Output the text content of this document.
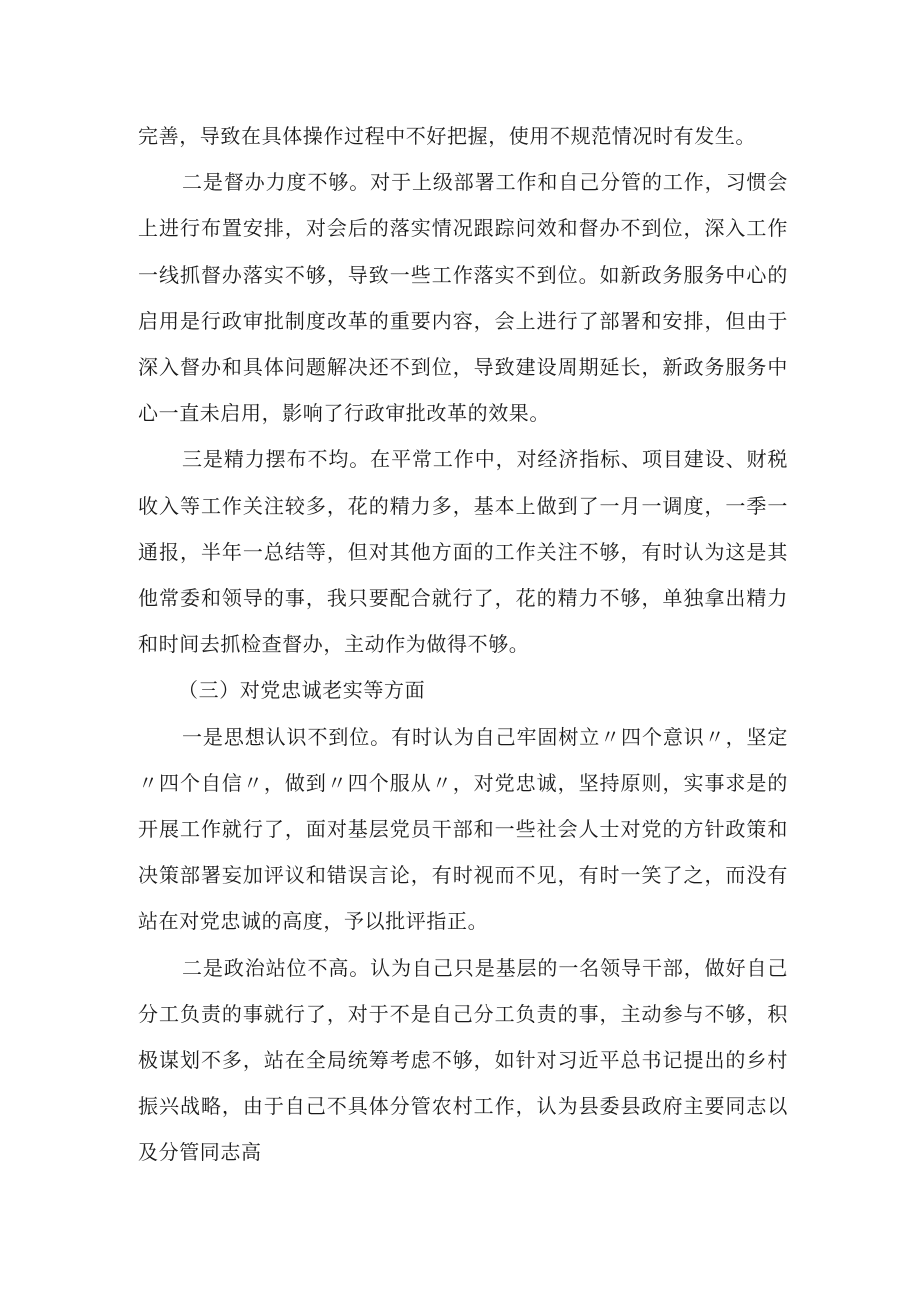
完善，导致在具体操作过程中不好把握，使用不规范情况时有发生。

二是督办力度不够。对于上级部署工作和自己分管的工作，习惯会上进行布置安排，对会后的落实情况跟踪问效和督办不到位，深入工作一线抓督办落实不够，导致一些工作落实不到位。如新政务服务中心的启用是行政审批制度改革的重要内容，会上进行了部署和安排，但由于深入督办和具体问题解决还不到位，导致建设周期延长，新政务服务中心一直未启用，影响了行政审批改革的效果。

三是精力摆布不均。在平常工作中，对经济指标、项目建设、财税收入等工作关注较多，花的精力多，基本上做到了一月一调度，一季一通报，半年一总结等，但对其他方面的工作关注不够，有时认为这是其他常委和领导的事，我只要配合就行了，花的精力不够，单独拿出精力和时间去抓检查督办，主动作为做得不够。

（三）对党忠诚老实等方面

一是思想认识不到位。有时认为自己牢固树立〃四个意识〃，坚定〃四个自信〃，做到〃四个服从〃，对党忠诚，坚持原则，实事求是的开展工作就行了，面对基层党员干部和一些社会人士对党的方针政策和决策部署妄加评议和错误言论，有时视而不见，有时一笑了之，而没有站在对党忠诚的高度，予以批评指正。

二是政治站位不高。认为自己只是基层的一名领导干部，做好自己分工负责的事就行了，对于不是自己分工负责的事，主动参与不够，积极谋划不多，站在全局统筹考虑不够，如针对习近平总书记提出的乡村振兴战略，由于自己不具体分管农村工作，认为县委县政府主要同志以及分管同志高
